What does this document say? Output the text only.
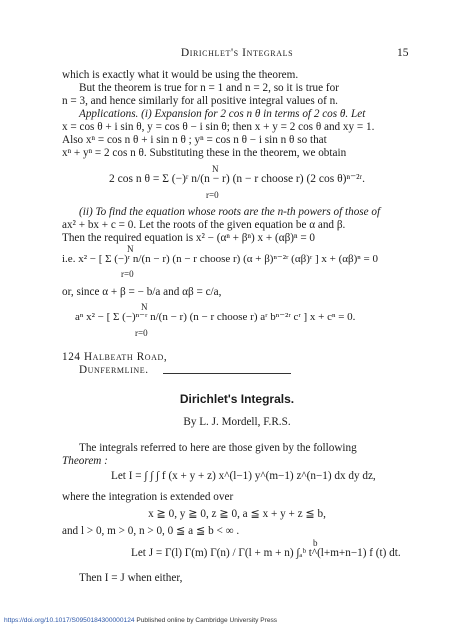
Dirichlet's Integrals	15
which is exactly what it would be using the theorem.
But the theorem is true for n = 1 and n = 2, so it is true for
n = 3, and hence similarly for all positive integral values of n.
Applications. (i) Expansion for 2 cos n θ in terms of 2 cos θ. Let
x = cos θ + i sin θ, y = cos θ − i sin θ; then x + y = 2 cos θ and xy = 1.
Also xⁿ = cos n θ + i sin n θ ; yⁿ = cos n θ − i sin n θ so that
xⁿ + yⁿ = 2 cos n θ. Substituting these in the theorem, we obtain
N
2 cos n θ = Σ (−)ʳ n/(n − r) (n − r choose r) (2 cos θ)ⁿ⁻²ʳ.
r=0
(ii) To find the equation whose roots are the n-th powers of those of
ax² + bx + c = 0. Let the roots of the given equation be α and β.
Then the required equation is x² − (αⁿ + βⁿ) x + (αβ)ⁿ = 0
N
i.e. x² − [ Σ (−)ʳ n/(n − r) (n − r choose r) (α + β)ⁿ⁻²ʳ (αβ)ʳ ] x + (αβ)ⁿ = 0
r=0
or, since α + β = − b/a and αβ = c/a,
N
aⁿ x² − [ Σ (−)ⁿ⁻ʳ n/(n − r) (n − r choose r) aʳ bⁿ⁻²ʳ cʳ ] x + cⁿ = 0.
r=0
124 Halbeath Road,
Dunfermline.
Dirichlet's Integrals.
By L. J. Mordell, F.R.S.
The integrals referred to here are those given by the following
Theorem :
Let I = ∫ ∫ ∫ f (x + y + z) x^(l−1) y^(m−1) z^(n−1) dx dy dz,
where the integration is extended over
x ≧ 0, y ≧ 0, z ≧ 0, a ≦ x + y + z ≦ b,
and l > 0, m > 0, n > 0, 0 ≦ a ≦ b < ∞ .
b
Let J = Γ(l) Γ(m) Γ(n) / Γ(l + m + n) ∫ₐᵇ t^(l+m+n−1) f (t) dt.
Then I = J when either,
https://doi.org/10.1017/S0950184300000124 Published online by Cambridge University Press
